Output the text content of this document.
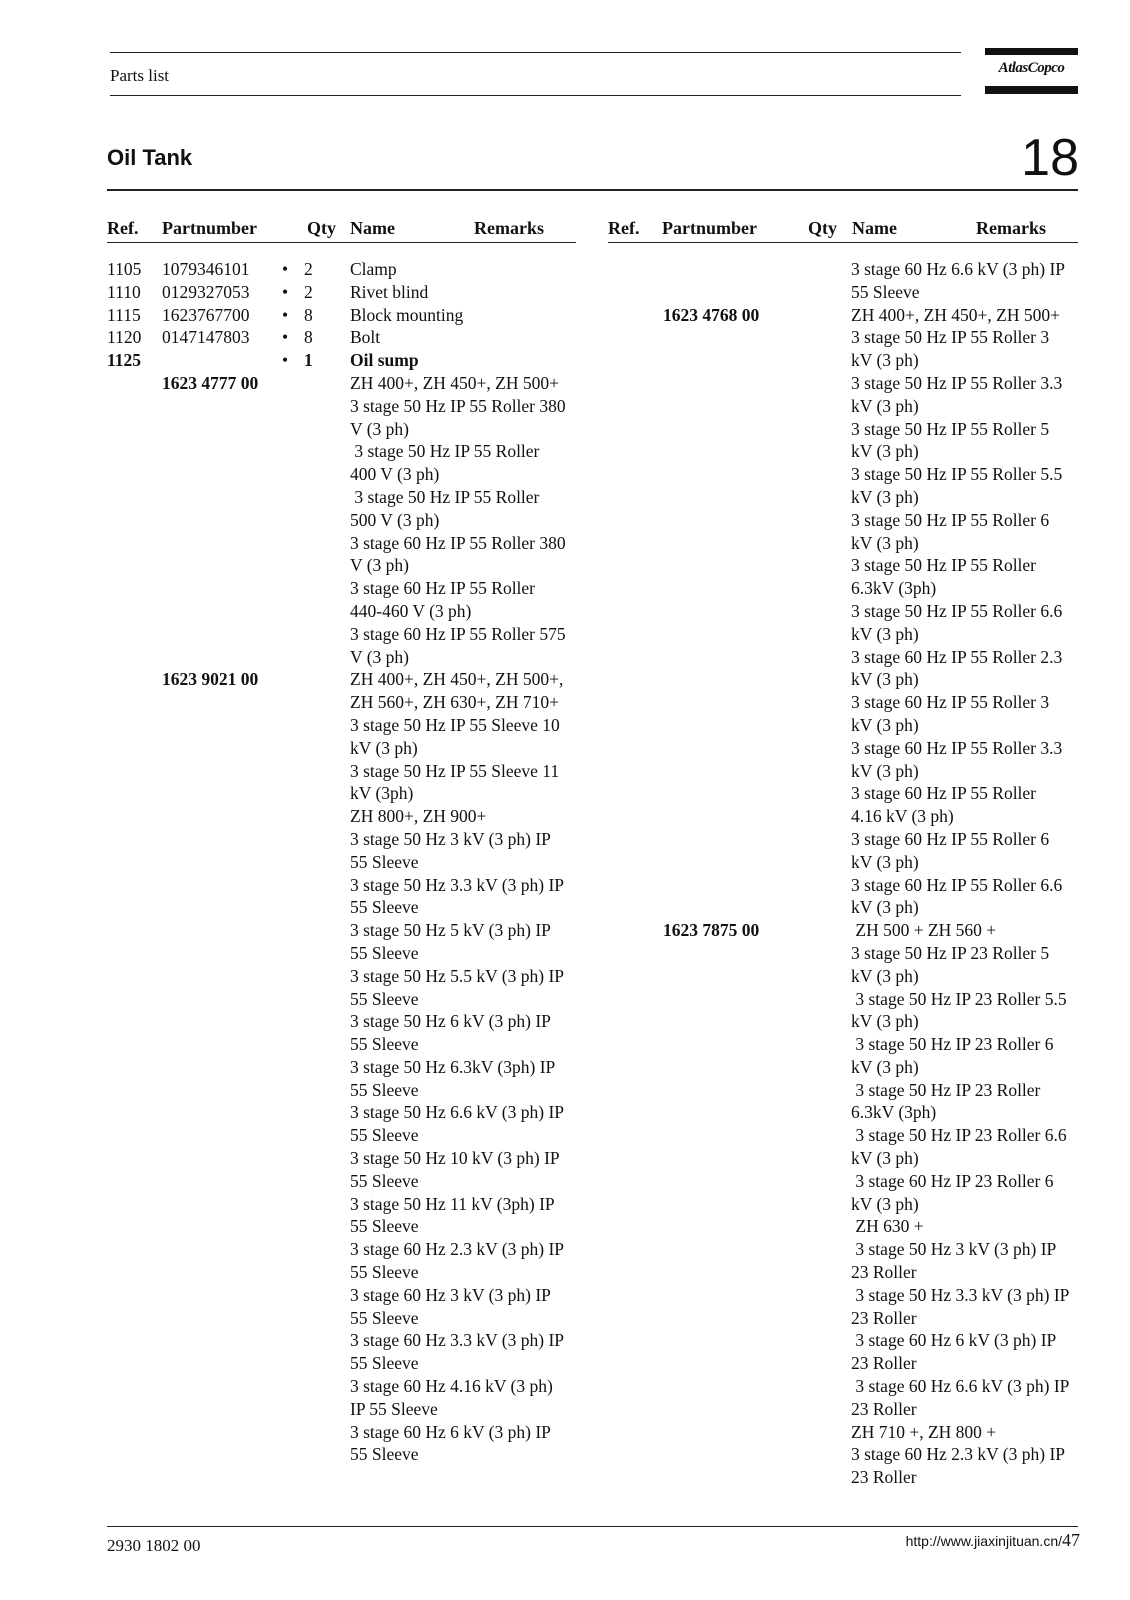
Parts list	AtlasCopco
Oil Tank	18
Ref. Partnumber	Qty Name	Remarks	Ref. Partnumber	Qty Name	Remarks
1105 1079346101 • 2 Clamp
1110 0129327053 • 2 Rivet blind
1115 1623767700 • 8 Block mounting
1120 0147147803 • 8 Bolt
1125	• 1 Oil sump
1623 4777 00	ZH 400+, ZH 450+, ZH 500+
3 stage 50 Hz IP 55 Roller 380
V (3 ph)
3 stage 50 Hz IP 55 Roller
400 V (3 ph)
3 stage 50 Hz IP 55 Roller
500 V (3 ph)
3 stage 60 Hz IP 55 Roller 380
V (3 ph)
3 stage 60 Hz IP 55 Roller
440-460 V (3 ph)
3 stage 60 Hz IP 55 Roller 575
V (3 ph)
1623 9021 00	ZH 400+, ZH 450+, ZH 500+,
ZH 560+, ZH 630+, ZH 710+
3 stage 50 Hz IP 55 Sleeve 10
kV (3 ph)
3 stage 50 Hz IP 55 Sleeve 11
kV (3ph)
ZH 800+, ZH 900+
3 stage 50 Hz 3 kV (3 ph) IP
55 Sleeve
3 stage 50 Hz 3.3 kV (3 ph) IP
55 Sleeve
3 stage 50 Hz 5 kV (3 ph) IP
55 Sleeve
3 stage 50 Hz 5.5 kV (3 ph) IP
55 Sleeve
3 stage 50 Hz 6 kV (3 ph) IP
55 Sleeve
3 stage 50 Hz 6.3kV (3ph) IP
55 Sleeve
3 stage 50 Hz 6.6 kV (3 ph) IP
55 Sleeve
3 stage 50 Hz 10 kV (3 ph) IP
55 Sleeve
3 stage 50 Hz 11 kV (3ph) IP
55 Sleeve
3 stage 60 Hz 2.3 kV (3 ph) IP
55 Sleeve
3 stage 60 Hz 3 kV (3 ph) IP
55 Sleeve
3 stage 60 Hz 3.3 kV (3 ph) IP
55 Sleeve
3 stage 60 Hz 4.16 kV (3 ph)
IP 55 Sleeve
3 stage 60 Hz 6 kV (3 ph) IP
55 Sleeve
3 stage 60 Hz 6.6 kV (3 ph) IP
55 Sleeve
1623 4768 00	ZH 400+, ZH 450+, ZH 500+
3 stage 50 Hz IP 55 Roller 3
kV (3 ph)
3 stage 50 Hz IP 55 Roller 3.3
kV (3 ph)
3 stage 50 Hz IP 55 Roller 5
kV (3 ph)
3 stage 50 Hz IP 55 Roller 5.5
kV (3 ph)
3 stage 50 Hz IP 55 Roller 6
kV (3 ph)
3 stage 50 Hz IP 55 Roller
6.3kV (3ph)
3 stage 50 Hz IP 55 Roller 6.6
kV (3 ph)
3 stage 60 Hz IP 55 Roller 2.3
kV (3 ph)
3 stage 60 Hz IP 55 Roller 3
kV (3 ph)
3 stage 60 Hz IP 55 Roller 3.3
kV (3 ph)
3 stage 60 Hz IP 55 Roller
4.16 kV (3 ph)
3 stage 60 Hz IP 55 Roller 6
kV (3 ph)
3 stage 60 Hz IP 55 Roller 6.6
kV (3 ph)
1623 7875 00	ZH 500 + ZH 560 +
3 stage 50 Hz IP 23 Roller 5
kV (3 ph)
3 stage 50 Hz IP 23 Roller 5.5
kV (3 ph)
3 stage 50 Hz IP 23 Roller 6
kV (3 ph)
3 stage 50 Hz IP 23 Roller
6.3kV (3ph)
3 stage 50 Hz IP 23 Roller 6.6
kV (3 ph)
3 stage 60 Hz IP 23 Roller 6
kV (3 ph)
ZH 630 +
3 stage 50 Hz 3 kV (3 ph) IP
23 Roller
3 stage 50 Hz 3.3 kV (3 ph) IP
23 Roller
3 stage 60 Hz 6 kV (3 ph) IP
23 Roller
3 stage 60 Hz 6.6 kV (3 ph) IP
23 Roller
ZH 710 +, ZH 800 +
3 stage 60 Hz 2.3 kV (3 ph) IP
23 Roller
2930 1802 00	http://www.jiaxinjituan.cn/47
